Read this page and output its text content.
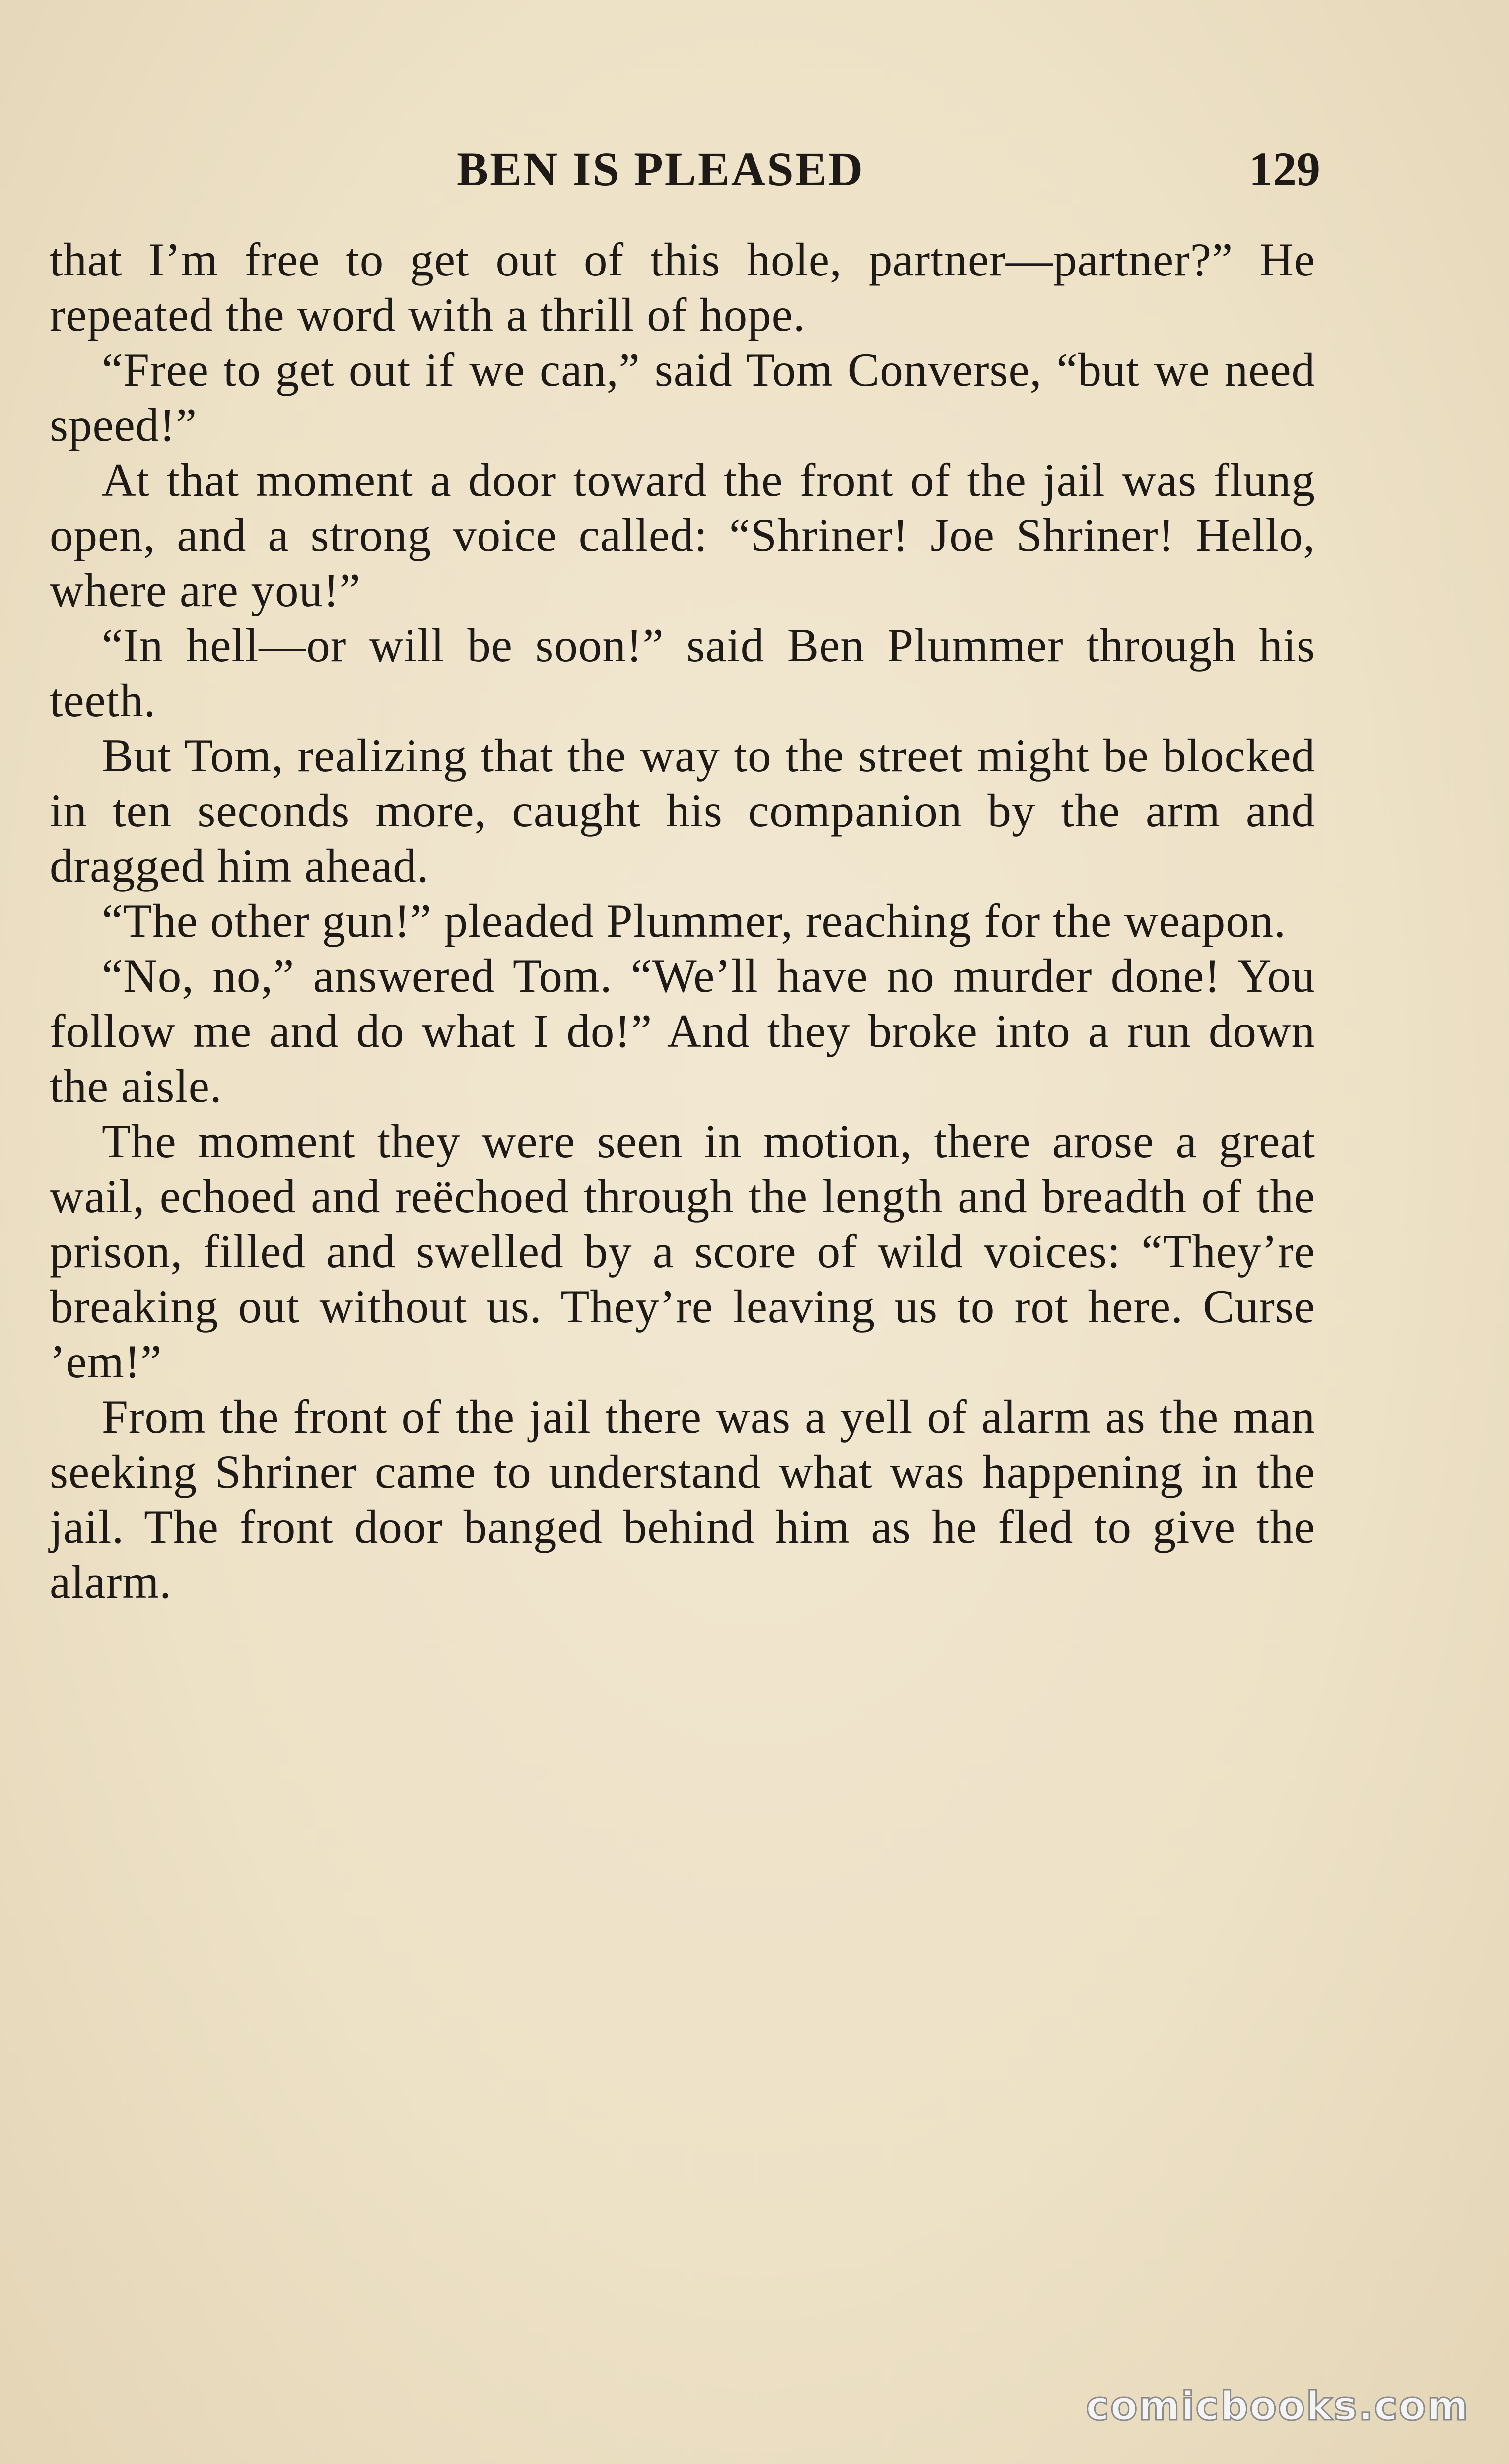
BEN IS PLEASED	129

that I’m free to get out of this hole, partner—partner?” He repeated the word with a thrill of hope.

“Free to get out if we can,” said Tom Converse, “but we need speed!”

At that moment a door toward the front of the jail was flung open, and a strong voice called: “Shriner! Joe Shriner! Hello, where are you!”

“In hell—or will be soon!” said Ben Plummer through his teeth.

But Tom, realizing that the way to the street might be blocked in ten seconds more, caught his companion by the arm and dragged him ahead.

“The other gun!” pleaded Plummer, reaching for the weapon.

“No, no,” answered Tom. “We’ll have no murder done! You follow me and do what I do!” And they broke into a run down the aisle.

The moment they were seen in motion, there arose a great wail, echoed and reëchoed through the length and breadth of the prison, filled and swelled by a score of wild voices: “They’re breaking out without us. They’re leaving us to rot here. Curse ’em!”

From the front of the jail there was a yell of alarm as the man seeking Shriner came to understand what was happening in the jail. The front door banged behind him as he fled to give the alarm.

comicbooks.com
